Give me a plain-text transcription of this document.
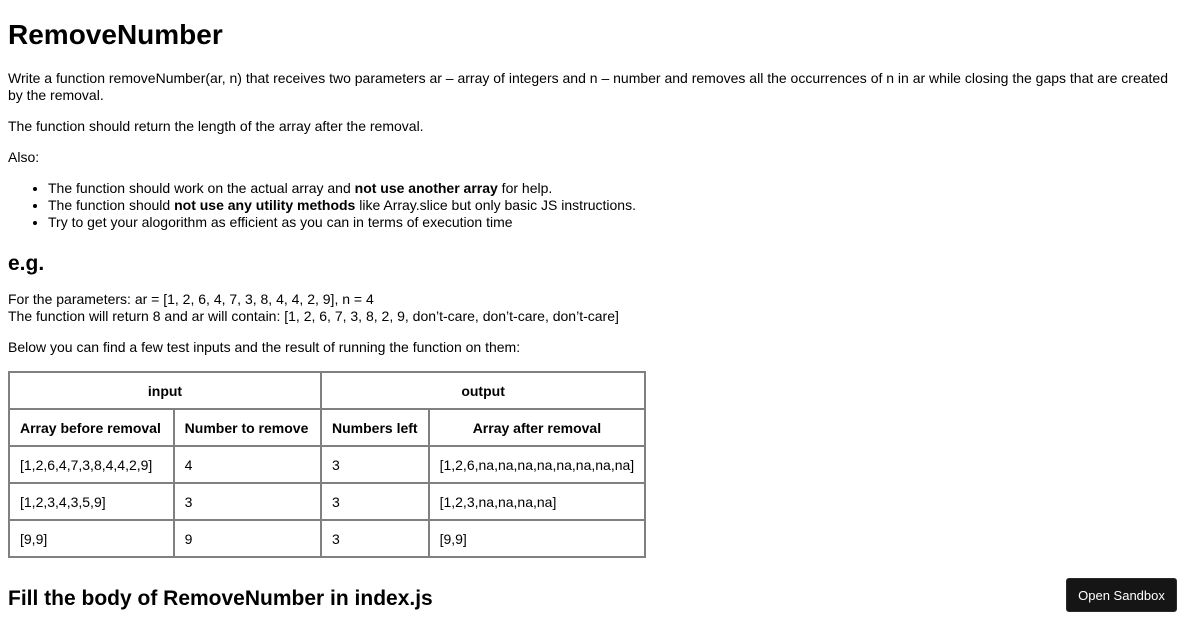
RemoveNumber

Write a function removeNumber(ar, n) that receives two parameters ar – array of integers and n – number and removes all the occurrences of n in ar while closing the gaps that are created by the removal.

The function should return the length of the array after the removal.

Also:

• The function should work on the actual array and not use another array for help.
• The function should not use any utility methods like Array.slice but only basic JS instructions.
• Try to get your alogorithm as efficient as you can in terms of execution time
e.g.
For the parameters: ar = [1, 2, 6, 4, 7, 3, 8, 4, 4, 2, 9], n = 4
The function will return 8 and ar will contain: [1, 2, 6, 7, 3, 8, 2, 9, don’t-care, don’t-care, don’t-care]
Below you can find a few test inputs and the result of running the function on them:
input		output	
Array before removal	Number to remove	Numbers left	Array after removal
[1,2,6,4,7,3,8,4,4,2,9]	4	3	[1,2,6,na,na,na,na,na,na,na,na]
[1,2,3,4,3,5,9]	3	3	[1,2,3,na,na,na,na]
[9,9]	9	3	[9,9]
Fill the body of RemoveNumber in index.js	Open Sandbox
